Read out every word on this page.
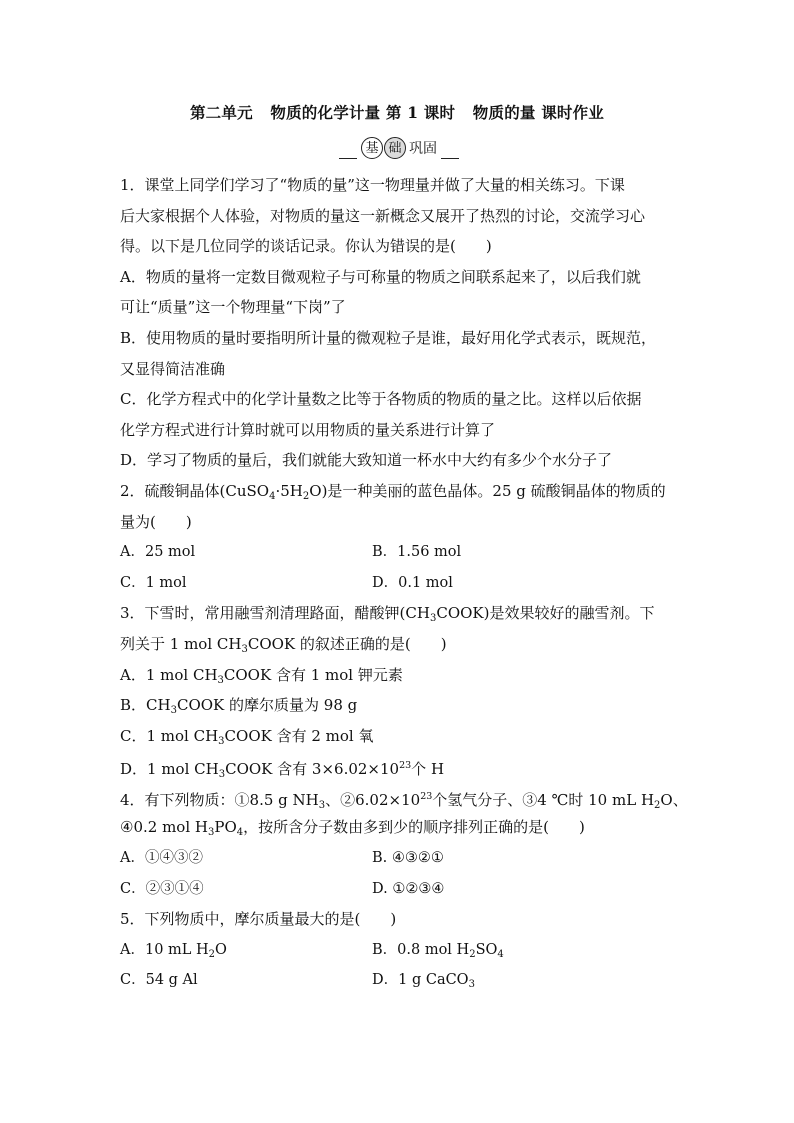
第二单元 物质的化学计量 第 1 课时 物质的量 课时作业
基 础 巩固
1．课堂上同学们学习了“物质的量”这一物理量并做了大量的相关练习。下课
后大家根据个人体验，对物质的量这一新概念又展开了热烈的讨论，交流学习心
得。以下是几位同学的谈话记录。你认为错误的是(　　)
A．物质的量将一定数目微观粒子与可称量的物质之间联系起来了，以后我们就
可让“质量”这一个物理量“下岗”了
B．使用物质的量时要指明所计量的微观粒子是谁，最好用化学式表示，既规范，
又显得简洁准确
C．化学方程式中的化学计量数之比等于各物质的物质的量之比。这样以后依据
化学方程式进行计算时就可以用物质的量关系进行计算了
D．学习了物质的量后，我们就能大致知道一杯水中大约有多少个水分子了
2．硫酸铜晶体$(CuSO_4\cdot 5H_2O)$是一种美丽的蓝色晶体。25 g 硫酸铜晶体的物质的
量为(　　)
A．25 mol	B．1.56 mol
C．1 mol	D．0.1 mol
3．下雪时，常用融雪剂清理路面，醋酸钾$(CH_3COOK)$是效果较好的融雪剂。下
列关于 1 mol $CH_3COOK$ 的叙述正确的是(　　)
A．1 mol $CH_3COOK$ 含有 1 mol 钾元素
B．$CH_3COOK$ 的摩尔质量为 98 g
C．1 mol $CH_3COOK$ 含有 2 mol 氧
D．1 mol $CH_3COOK$ 含有 $3\times 6.02\times 10^{23}$个 H
4．有下列物质：①8.5 g $NH_3$、$②6.02\times 10^{23}$个氢气分子、③4 ℃时 10 mL $H_2O$、
④0.2 mol $H_3PO_4$，按所含分子数由多到少的顺序排列正确的是(　　)
A．①④③②	B. ④③②①
C．②③①④	D. ①②③④
5．下列物质中，摩尔质量最大的是(　　)
A．10 mL $H_2O$	B．0.8 mol $H_2SO_4$
C．54 g Al	D．1 g CaCO$_3$
